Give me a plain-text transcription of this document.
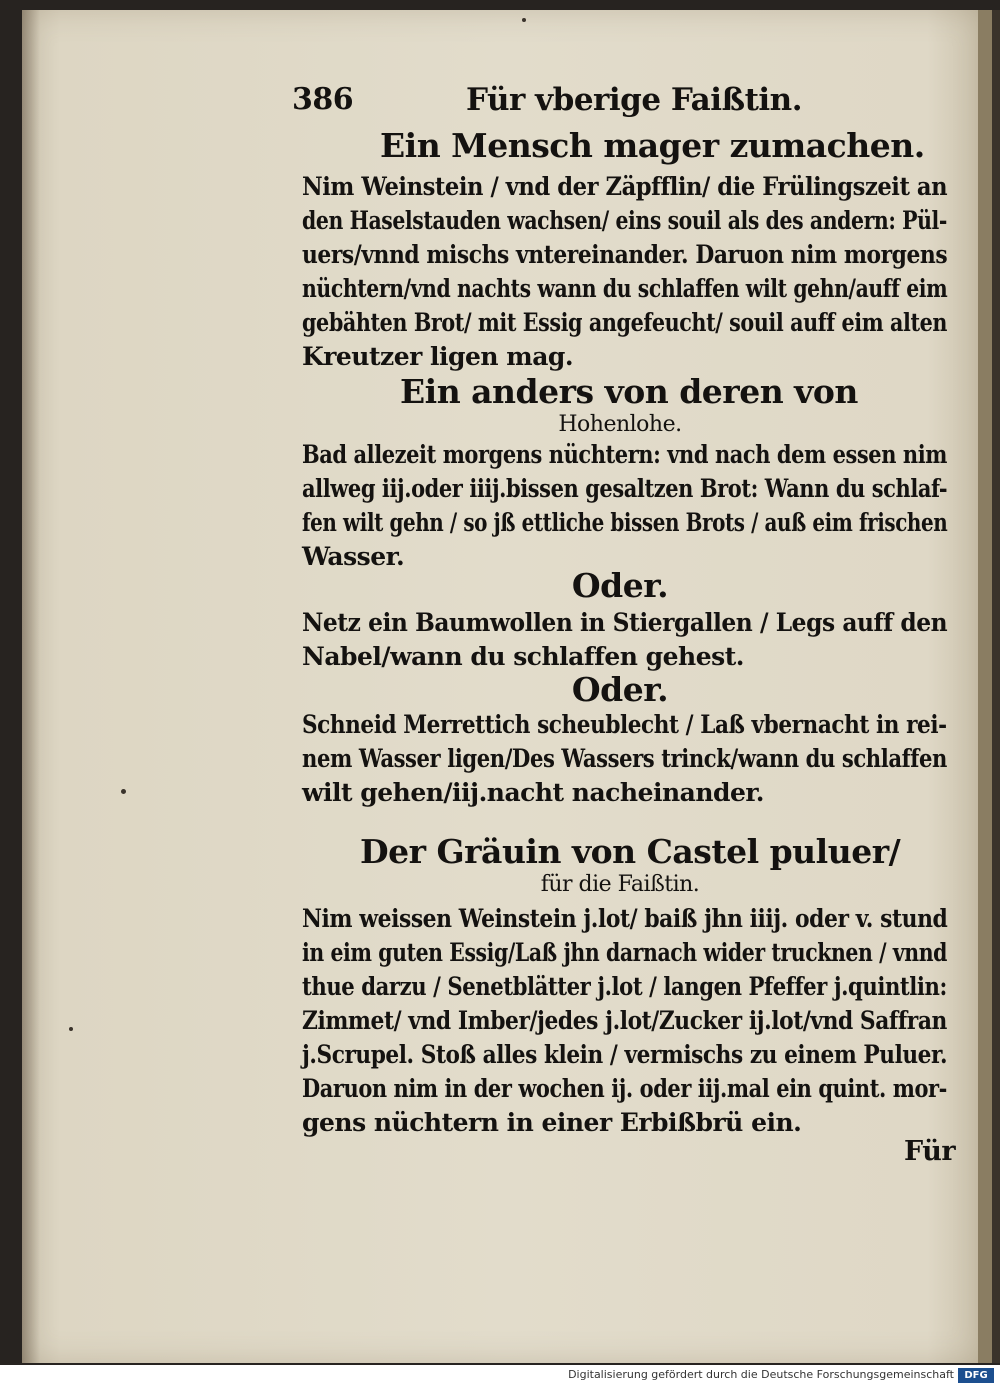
386	Für vberige Faißtin.
Ein Mensch mager zumachen.
Nim Weinstein / vnd der Zäpfflin/ die Frülingszeit an
den Haselstauden wachsen/ eins souil als des andern: Pül-
uers/vnnd mischs vntereinander. Daruon nim morgens
nüchtern/vnd nachts wann du schlaffen wilt gehn/auff eim
gebähten Brot/ mit Essig angefeucht/ souil auff eim alten
Kreutzer ligen mag.
Ein anders von deren von
Hohenlohe.
Bad allezeit morgens nüchtern: vnd nach dem essen nim
allweg iij.oder iiij.bissen gesaltzen Brot: Wann du schlaf-
fen wilt gehn / so jß ettliche bissen Brots / auß eim frischen
Wasser.
Oder.
Netz ein Baumwollen in Stiergallen / Legs auff den
Nabel/wann du schlaffen gehest.
Oder.
Schneid Merrettich scheublecht / Laß vbernacht in rei-
nem Wasser ligen/Des Wassers trinck/wann du schlaffen
wilt gehen/iij.nacht nacheinander.
Der Gräuin von Castel puluer/
für die Faißtin.
Nim weissen Weinstein j.lot/ baiß jhn iiij. oder v. stund
in eim guten Essig/Laß jhn darnach wider trucknen / vnnd
thue darzu / Senetblätter j.lot / langen Pfeffer j.quintlin:
Zimmet/ vnd Imber/jedes j.lot/Zucker ij.lot/vnd Saffran
j.Scrupel. Stoß alles klein / vermischs zu einem Puluer.
Daruon nim in der wochen ij. oder iij.mal ein quint. mor-
gens nüchtern in einer Erbißbrü ein.
Für
Digitalisierung gefördert durch die Deutsche Forschungsgemeinschaft	DFG
